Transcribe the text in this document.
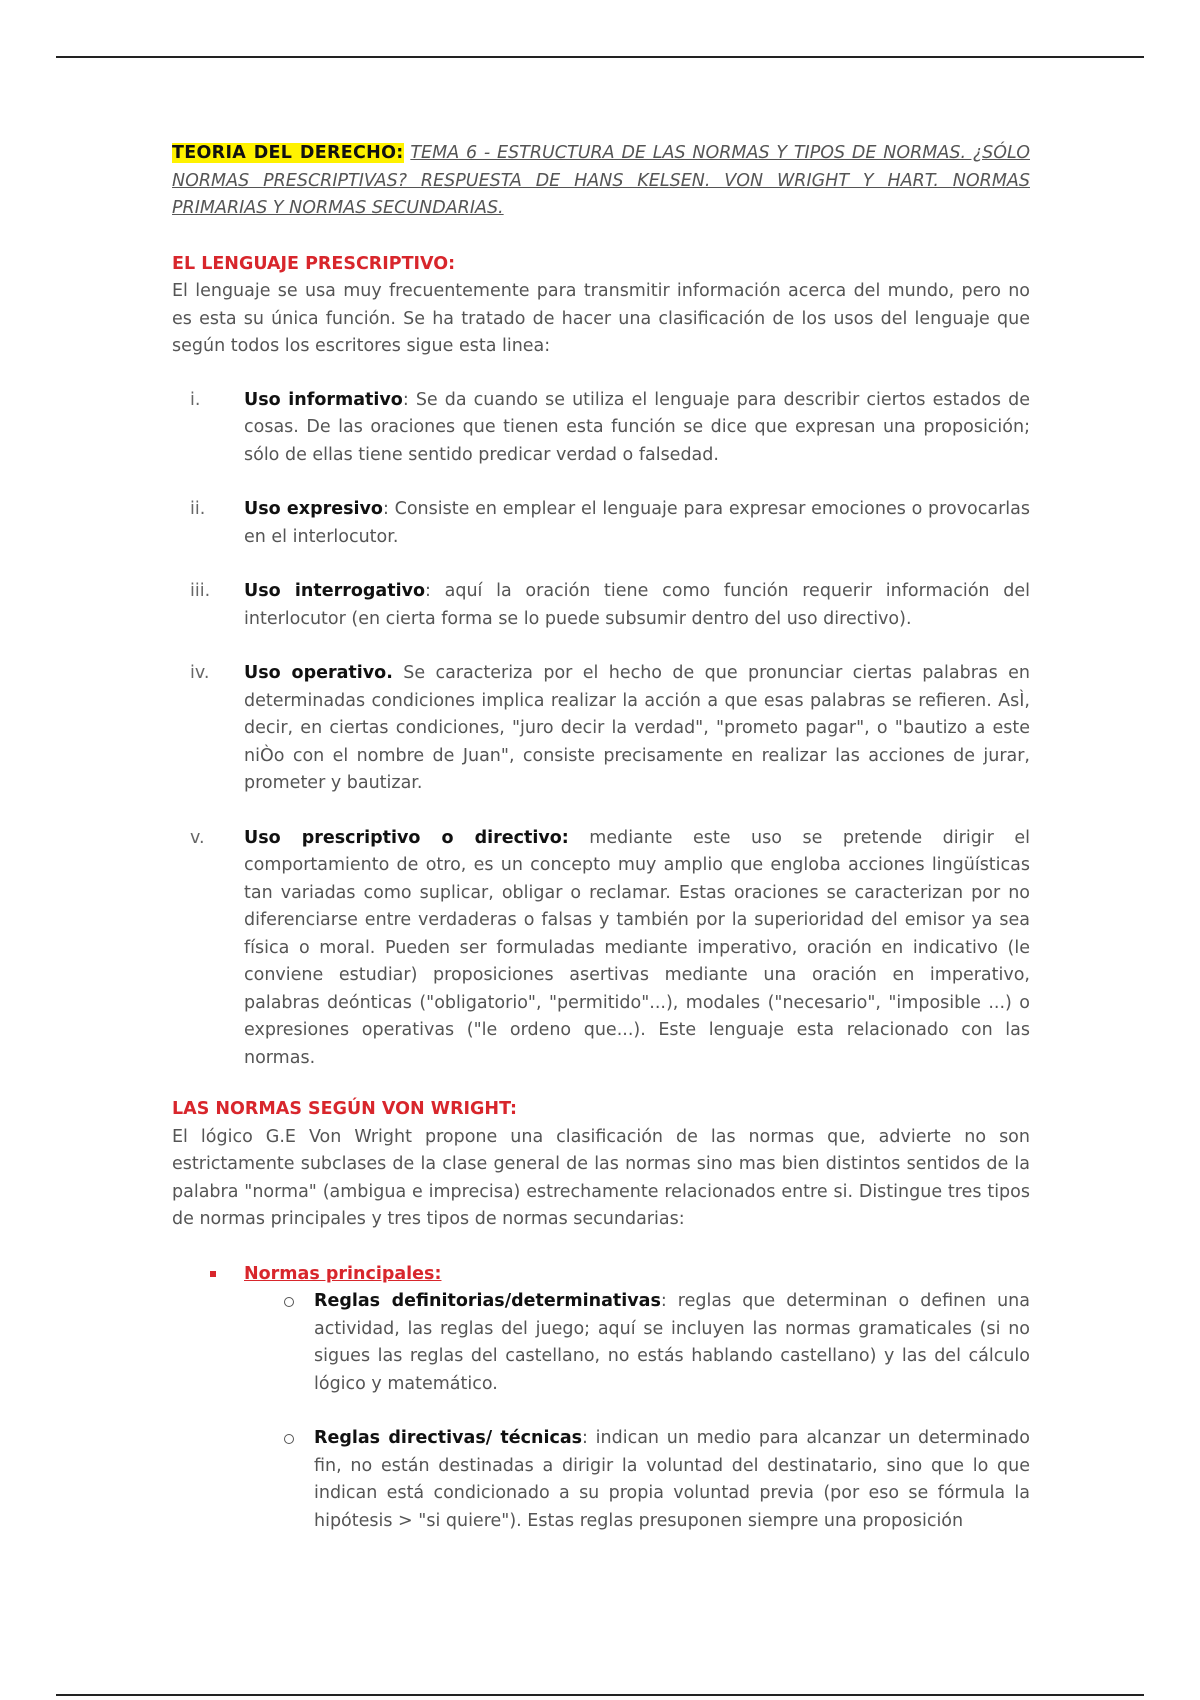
TEORIA DEL DERECHO: TEMA 6 - ESTRUCTURA DE LAS NORMAS Y TIPOS DE NORMAS. ¿SÓLO NORMAS PRESCRIPTIVAS? RESPUESTA DE HANS KELSEN. VON WRIGHT Y HART. NORMAS PRIMARIAS Y NORMAS SECUNDARIAS.

EL LENGUAJE PRESCRIPTIVO:

El lenguaje se usa muy frecuentemente para transmitir información acerca del mundo, pero no es esta su única función. Se ha tratado de hacer una clasificación de los usos del lenguaje que según todos los escritores sigue esta linea:

i. Uso informativo: Se da cuando se utiliza el lenguaje para describir ciertos estados de cosas. De las oraciones que tienen esta función se dice que expresan una proposición; sólo de ellas tiene sentido predicar verdad o falsedad.

ii. Uso expresivo: Consiste en emplear el lenguaje para expresar emociones o provocarlas en el interlocutor.

iii. Uso interrogativo: aquí la oración tiene como función requerir información del interlocutor (en cierta forma se lo puede subsumir dentro del uso directivo).

iv. Uso operativo. Se caracteriza por el hecho de que pronunciar ciertas palabras en determinadas condiciones implica realizar la acción a que esas palabras se refieren. AsÌ, decir, en ciertas condiciones, "juro decir la verdad", "prometo pagar", o "bautizo a este niÒo con el nombre de Juan", consiste precisamente en realizar las acciones de jurar, prometer y bautizar.

v. Uso prescriptivo o directivo: mediante este uso se pretende dirigir el comportamiento de otro, es un concepto muy amplio que engloba acciones lingüísticas tan variadas como suplicar, obligar o reclamar. Estas oraciones se caracterizan por no diferenciarse entre verdaderas o falsas y también por la superioridad del emisor ya sea física o moral. Pueden ser formuladas mediante imperativo, oración en indicativo (le conviene estudiar) proposiciones asertivas mediante una oración en imperativo, palabras deónticas ("obligatorio", "permitido"...), modales ("necesario", "imposible ...) o expresiones operativas ("le ordeno que...). Este lenguaje esta relacionado con las normas.

LAS NORMAS SEGÚN VON WRIGHT:

El lógico G.E Von Wright propone una clasificación de las normas que, advierte no son estrictamente subclases de la clase general de las normas sino mas bien distintos sentidos de la palabra "norma" (ambigua e imprecisa) estrechamente relacionados entre si. Distingue tres tipos de normas principales y tres tipos de normas secundarias:

Normas principales:

Reglas definitorias/determinativas: reglas que determinan o definen una actividad, las reglas del juego; aquí se incluyen las normas gramaticales (si no sigues las reglas del castellano, no estás hablando castellano) y las del cálculo lógico y matemático.

Reglas directivas/ técnicas: indican un medio para alcanzar un determinado fin, no están destinadas a dirigir la voluntad del destinatario, sino que lo que indican está condicionado a su propia voluntad previa (por eso se fórmula la hipótesis > "si quiere"). Estas reglas presuponen siempre una proposición
